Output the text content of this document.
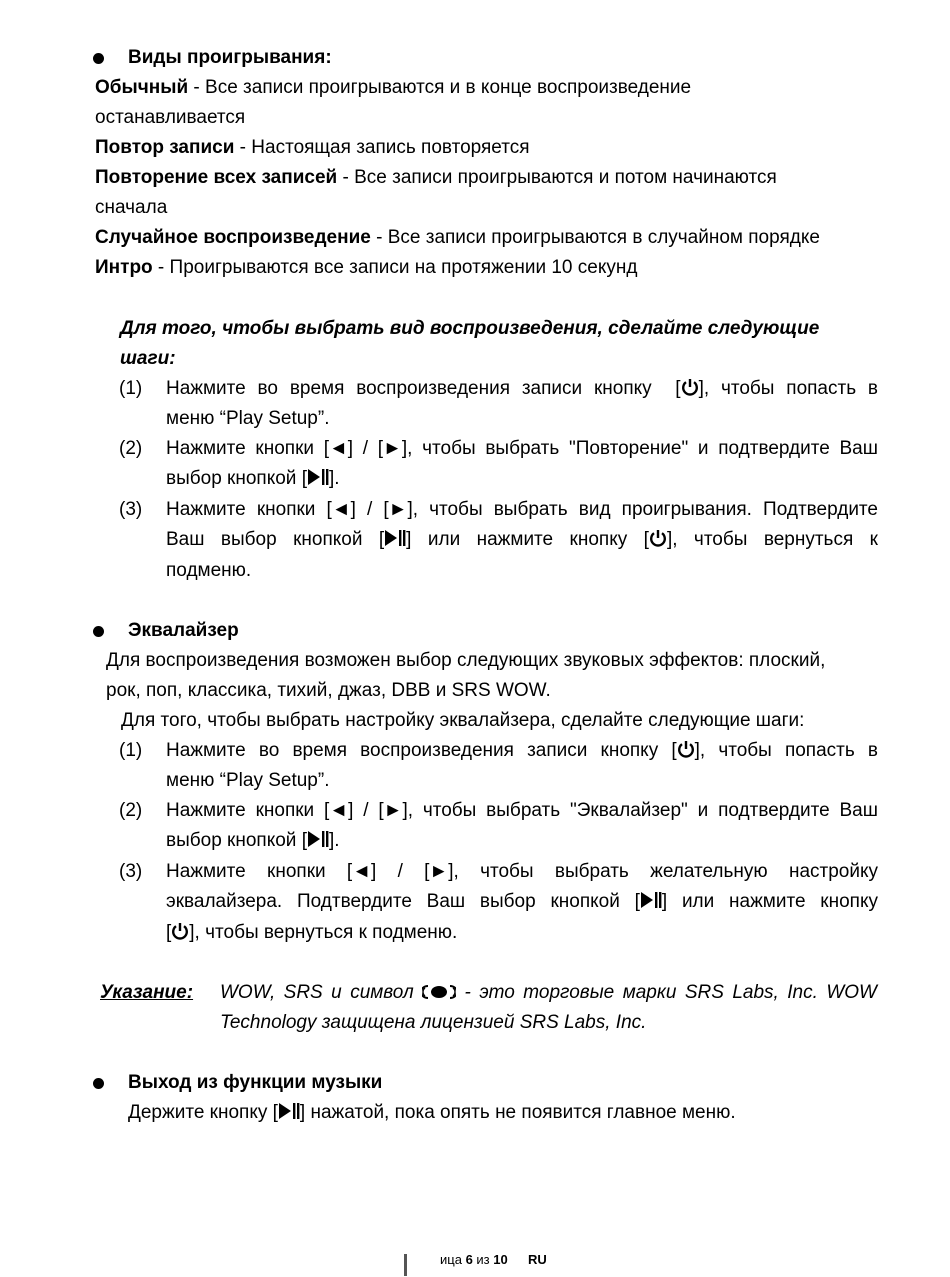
Виды проигрывания:
Обычный - Все записи проигрываются и в конце воспроизведение
останавливается
Повтор записи - Настоящая запись повторяется
Повторение всех записей - Все записи проигрываются и потом начинаются
сначала
Случайное воспроизведение - Все записи проигрываются в случайном порядке
Интро - Проигрываются все записи на протяжении 10 секунд
Для того, чтобы выбрать вид воспроизведения, сделайте следующие
шаги:
(1) Нажмите во время воспроизведения записи кнопку  [ ], чтобы попасть в
меню “Play Setup”.
(2) Нажмите кнопки [◄] / [►], чтобы выбрать "Повторение" и подтвердите Ваш
выбор кнопкой [ ].
(3) Нажмите кнопки [◄] / [►], чтобы выбрать вид проигрывания. Подтвердите
Ваш выбор кнопкой [ ] или нажмите кнопку [ ], чтобы вернуться к
подменю.
Эквалайзер
Для воспроизведения возможен выбор следующих звуковых эффектов: плоский,
рок, поп, классика, тихий, джаз, DBB и SRS WOW.
Для того, чтобы выбрать настройку эквалайзера, сделайте следующие шаги:
(1) Нажмите во время воспроизведения записи кнопку [ ], чтобы попасть в
меню “Play Setup”.
(2) Нажмите кнопки [◄] / [►], чтобы выбрать "Эквалайзер" и подтвердите Ваш
выбор кнопкой [ ].
(3) Нажмите кнопки [◄] / [►], чтобы выбрать желательную настройку
эквалайзера. Подтвердите Ваш выбор кнопкой [ ] или нажмите кнопку
[ ], чтобы вернуться к подменю.
Указание: WOW, SRS и символ  - это торговые марки SRS Labs, Inc. WOW
Technology защищена лицензией SRS Labs, Inc.
Выход из функции музыки
Держите кнопку [ ] нажатой, пока опять не появится главное меню.
ица 6 из 10 RU
